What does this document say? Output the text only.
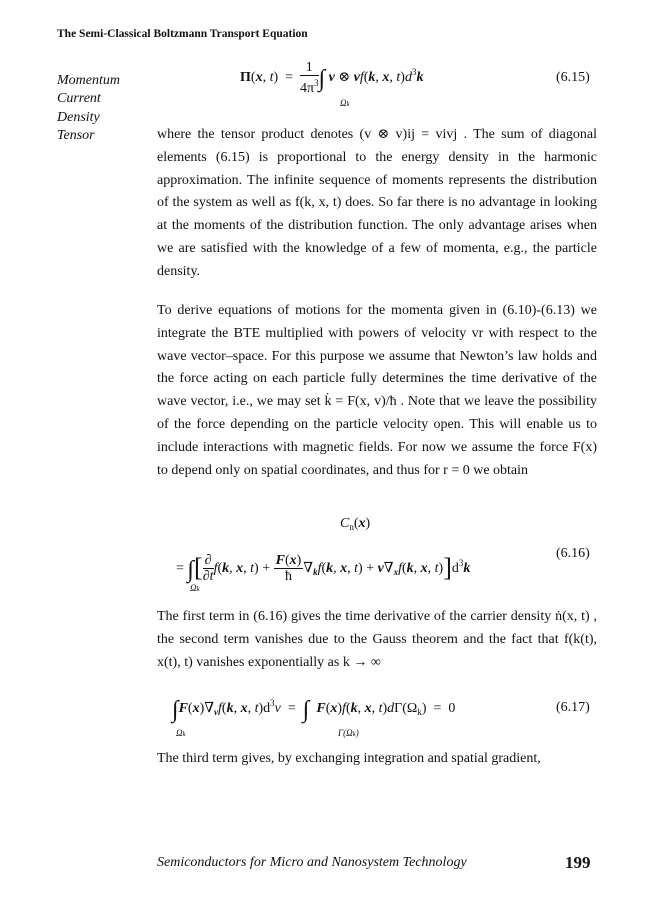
The Semi-Classical Boltzmann Transport Equation
Momentum
Current
Density
Tensor
Π(x, $t) = \frac{1}{4\pi^3}$ ∫ v ⊗ vf(k, x, $t)d^3k$
Ωk
(6.15)
where the tensor product denotes (v ⊗ v)ij = vivj . The sum of diagonal elements (6.15) is proportional to the energy density in the harmonic approximation. The infinite sequence of moments represents the distribution of the system as well as f(k, x, t) does. So far there is no advantage in looking at the moments of the distribution function. The only advantage arises when we are satisfied with the knowledge of a few of momenta, e.g., the particle density.
To derive equations of motions for the momenta given in (6.10)-(6.13) we integrate the BTE multiplied with powers of velocity vr with respect to the wave vector–space. For this purpose we assume that Newton’s law holds and the force acting on each particle fully determines the time derivative of the wave vector, i.e., we may set k̇ = F(x, v)/ħ . Note that we leave the possibility of the force depending on the particle velocity open. This will enable us to include interactions with magnetic fields. For now we assume the force F(x) to depend only on spatial coordinates, and thus for r = 0 we obtain
$C_n(x)$
= ∫[ $\frac{\partial}{\partial t} f(k$, x, $t) + \frac{F(x)}{ħ} \nabla_kf(k$, x, $t) + v\nabla_xf(k$, x, $t)]d^3k$
Ωk
(6.16)
The first term in (6.16) gives the time derivative of the carrier density ṅ(x, t) , the second term vanishes due to the Gauss theorem and the fact that f(k(t), x(t), t) vanishes exponentially as k → ∞
$\int F(x)\nabla_vf(k$, x, $t)d^3v$  =  ∫ F(x)f(k, x, $t)d\Gamma(\Omega_k) = 0$
Ωk	Γ(Ωk)
(6.17)
The third term gives, by exchanging integration and spatial gradient,
Semiconductors for Micro and Nanosystem Technology	199
